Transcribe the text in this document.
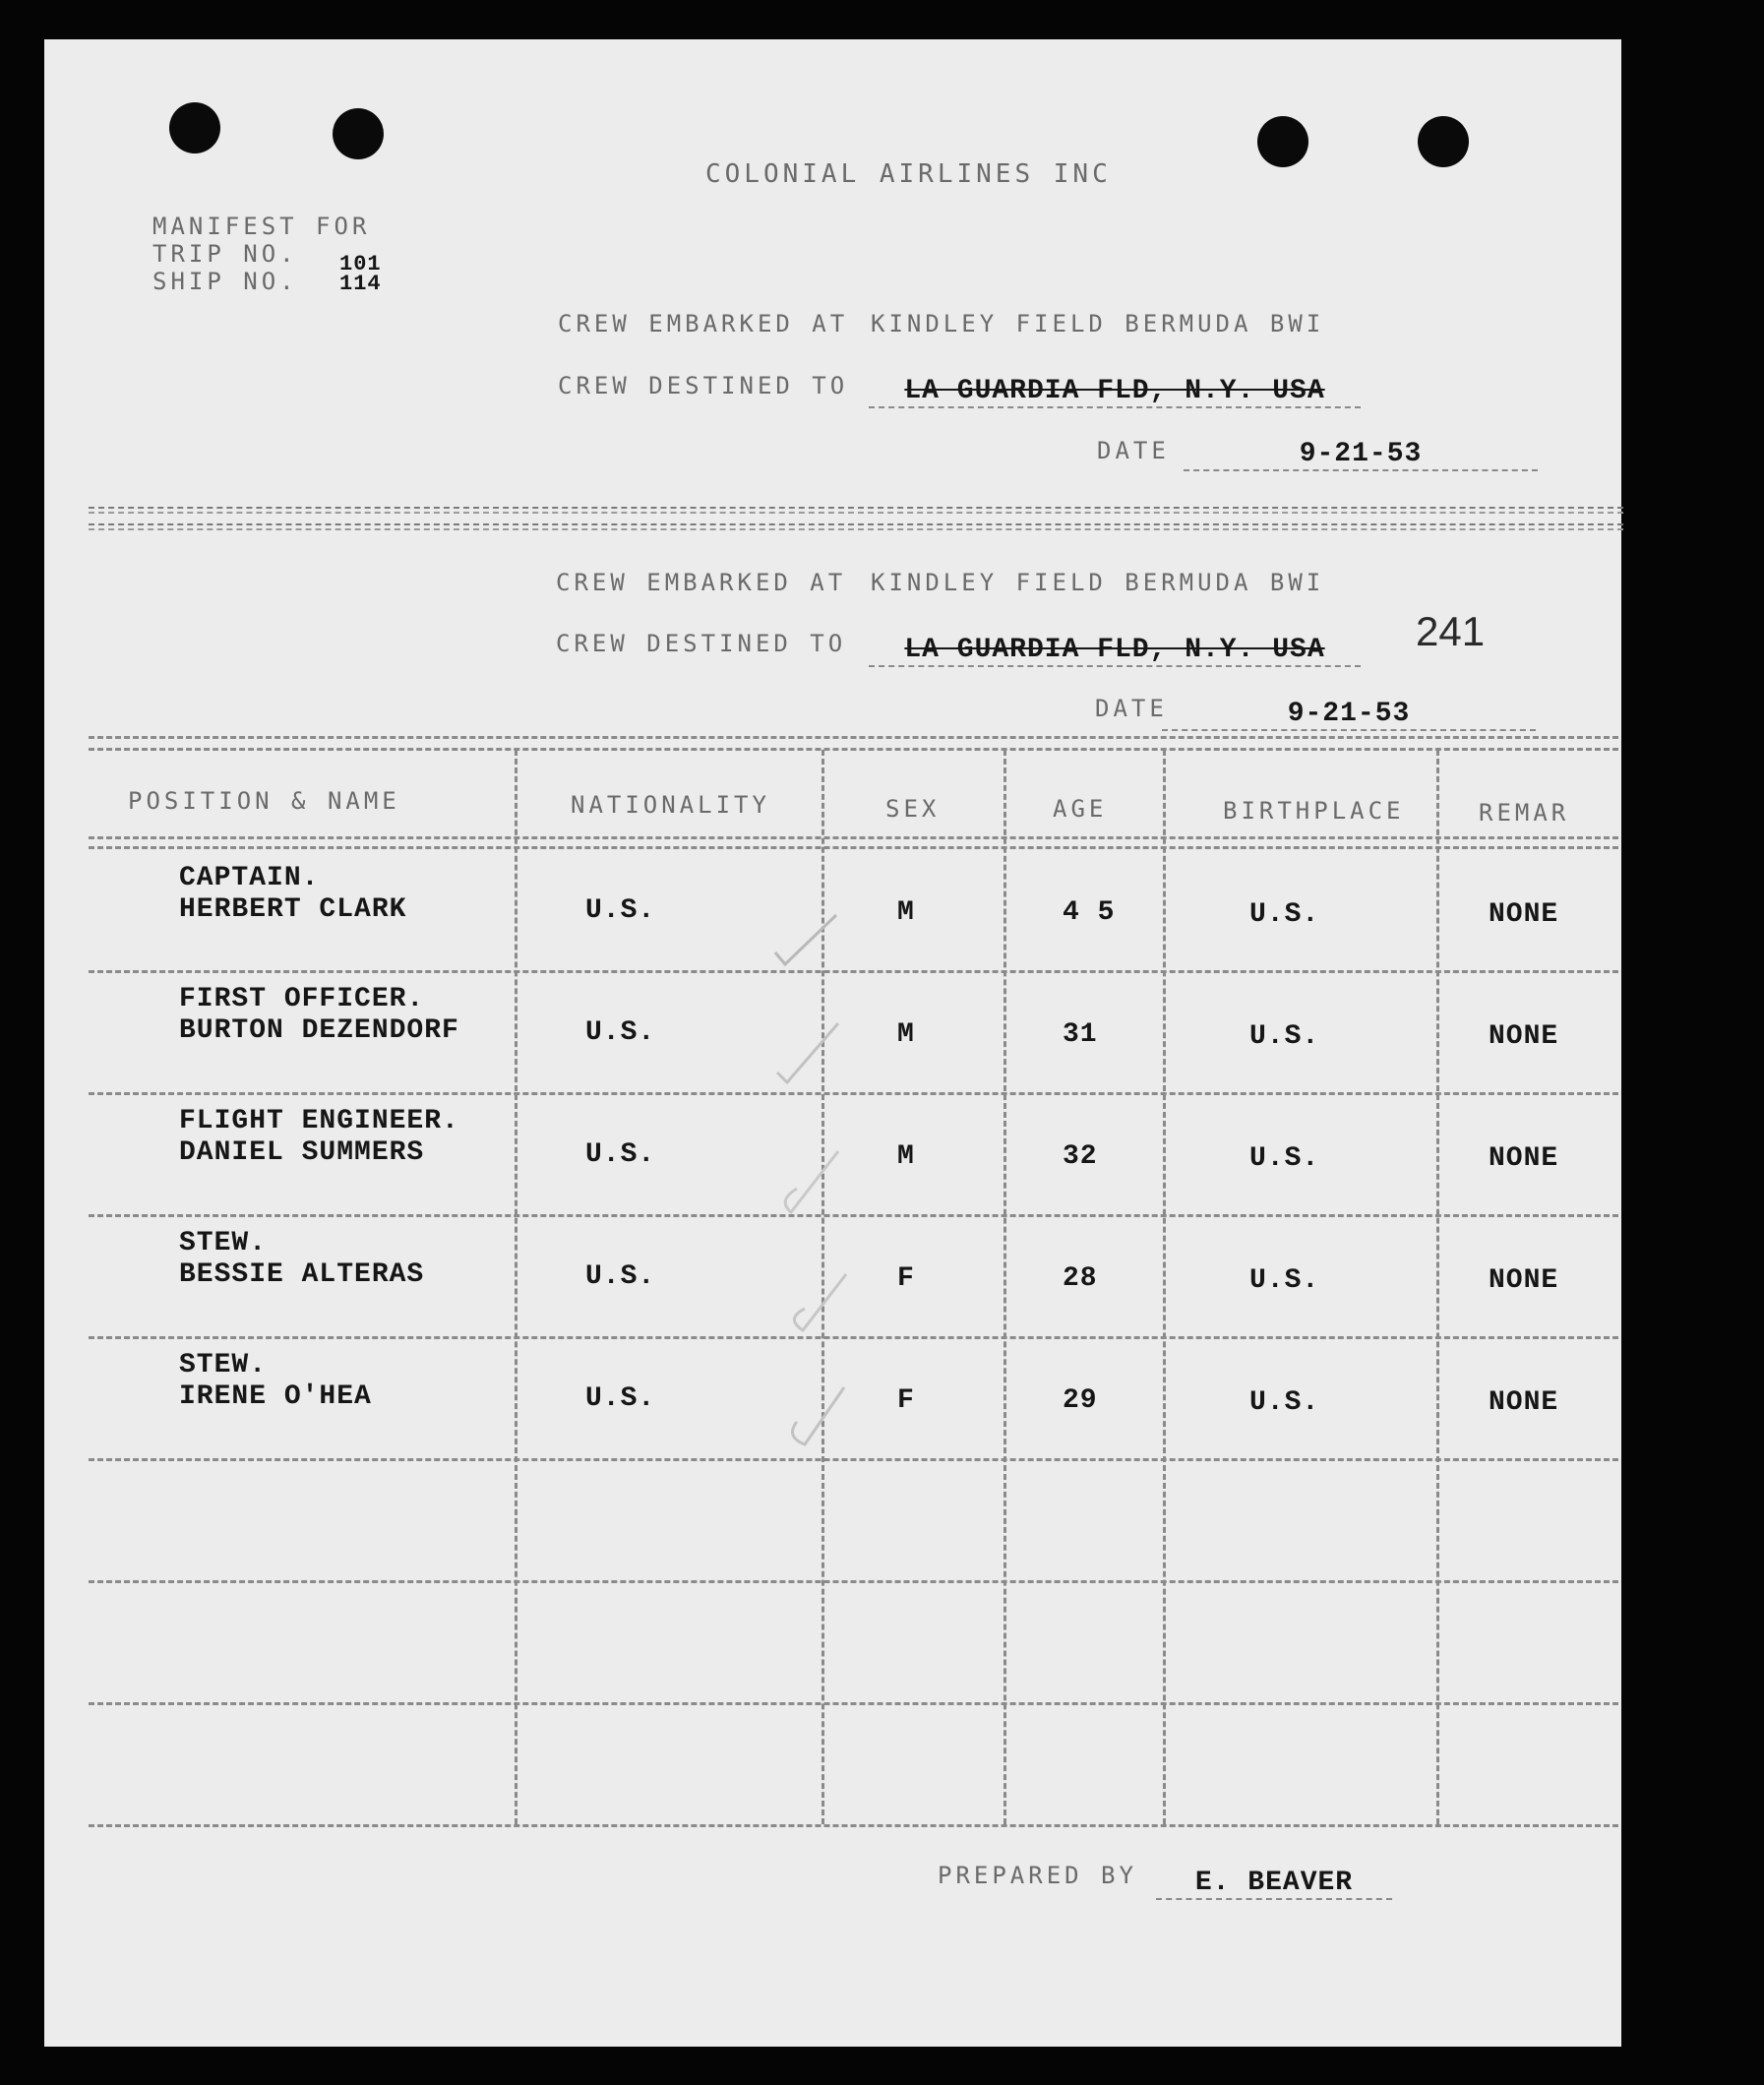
COLONIAL AIRLINES INC
MANIFEST FOR
TRIP NO.
SHIP NO.
101
114
CREW EMBARKED AT KINDLEY FIELD BERMUDA BWI
CREW DESTINED TO	LA GUARDIA FLD, N.Y. USA
DATE	9-21-53
CREW EMBARKED AT KINDLEY FIELD BERMUDA BWI
CREW DESTINED TO	LA GUARDIA FLD, N.Y. USA	241
DATE	9-21-53
POSITION & NAME	NATIONALITY	SEX	AGE	BIRTHPLACE	REMAR
CAPTAIN.
HERBERT CLARK	U.S.	M	4 5	U.S.	NONE
FIRST OFFICER.
BURTON DEZENDORF	U.S.	M	31	U.S.	NONE
FLIGHT ENGINEER.
DANIEL SUMMERS	U.S.	M	32	U.S.	NONE
STEW.
BESSIE ALTERAS	U.S.	F	28	U.S.	NONE
STEW.
IRENE O'HEA	U.S.	F	29	U.S.	NONE
PREPARED BY	E. BEAVER
